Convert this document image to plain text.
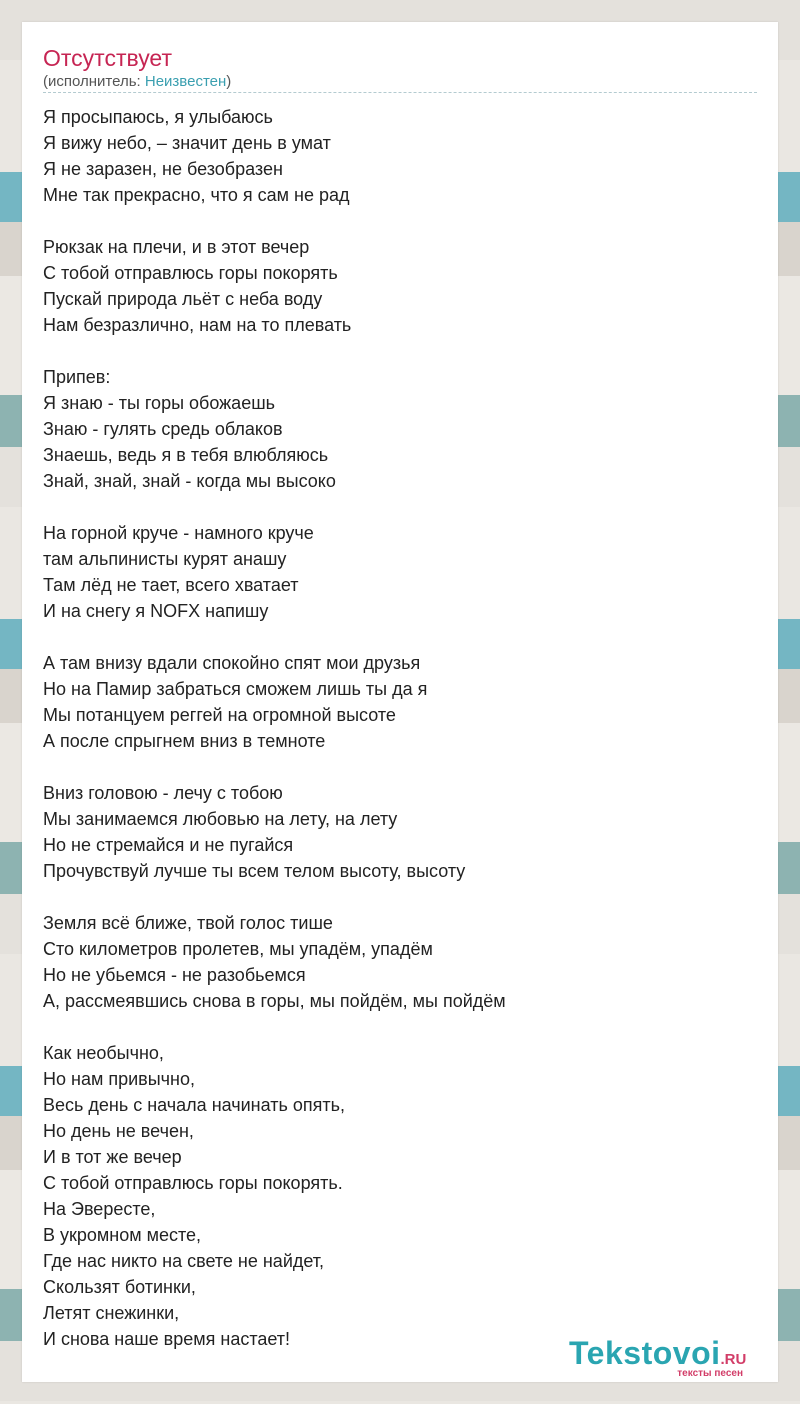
Отсутствует
(исполнитель: Неизвестен)
Я просыпаюсь, я улыбаюсь
Я вижу небо, – значит день в умат
Я не заразен, не безобразен
Мне так прекрасно, что я сам не рад
Рюкзак на плечи, и в этот вечер
С тобой отправлюсь горы покорять
Пускай природа льёт с неба воду
Нам безразлично, нам на то плевать
Припев:
Я знаю - ты горы обожаешь
Знаю - гулять средь облаков
Знаешь, ведь я в тебя влюбляюсь
Знай, знай, знай - когда мы высоко
На горной круче - намного круче
там альпинисты курят анашу
Там лёд не тает, всего хватает
И на снегу я NOFX напишу
А там внизу вдали спокойно спят мои друзья
Но на Памир забраться сможем лишь ты да я
Мы потанцуем реггей на огромной высоте
А после спрыгнем вниз в темноте
Вниз головою - лечу с тобою
Мы занимаемся любовью на лету, на лету
Но не стремайся и не пугайся
Прочувствуй лучше ты всем телом высоту, высоту
Земля всё ближе, твой голос тише
Сто километров пролетев, мы упадём, упадём
Но не убьемся - не разобьемся
А, рассмеявшись снова в горы, мы пойдём, мы пойдём
Как необычно,
Но нам привычно,
Весь день с начала начинать опять,
Но день не вечен,
И в тот же вечер
С тобой отправлюсь горы покорять.
На Эвересте,
В укромном месте,
Где нас никто на свете не найдет,
Скользят ботинки,
Летят снежинки,
И снова наше время настает!	Tekstovoi.RU
тексты песен
